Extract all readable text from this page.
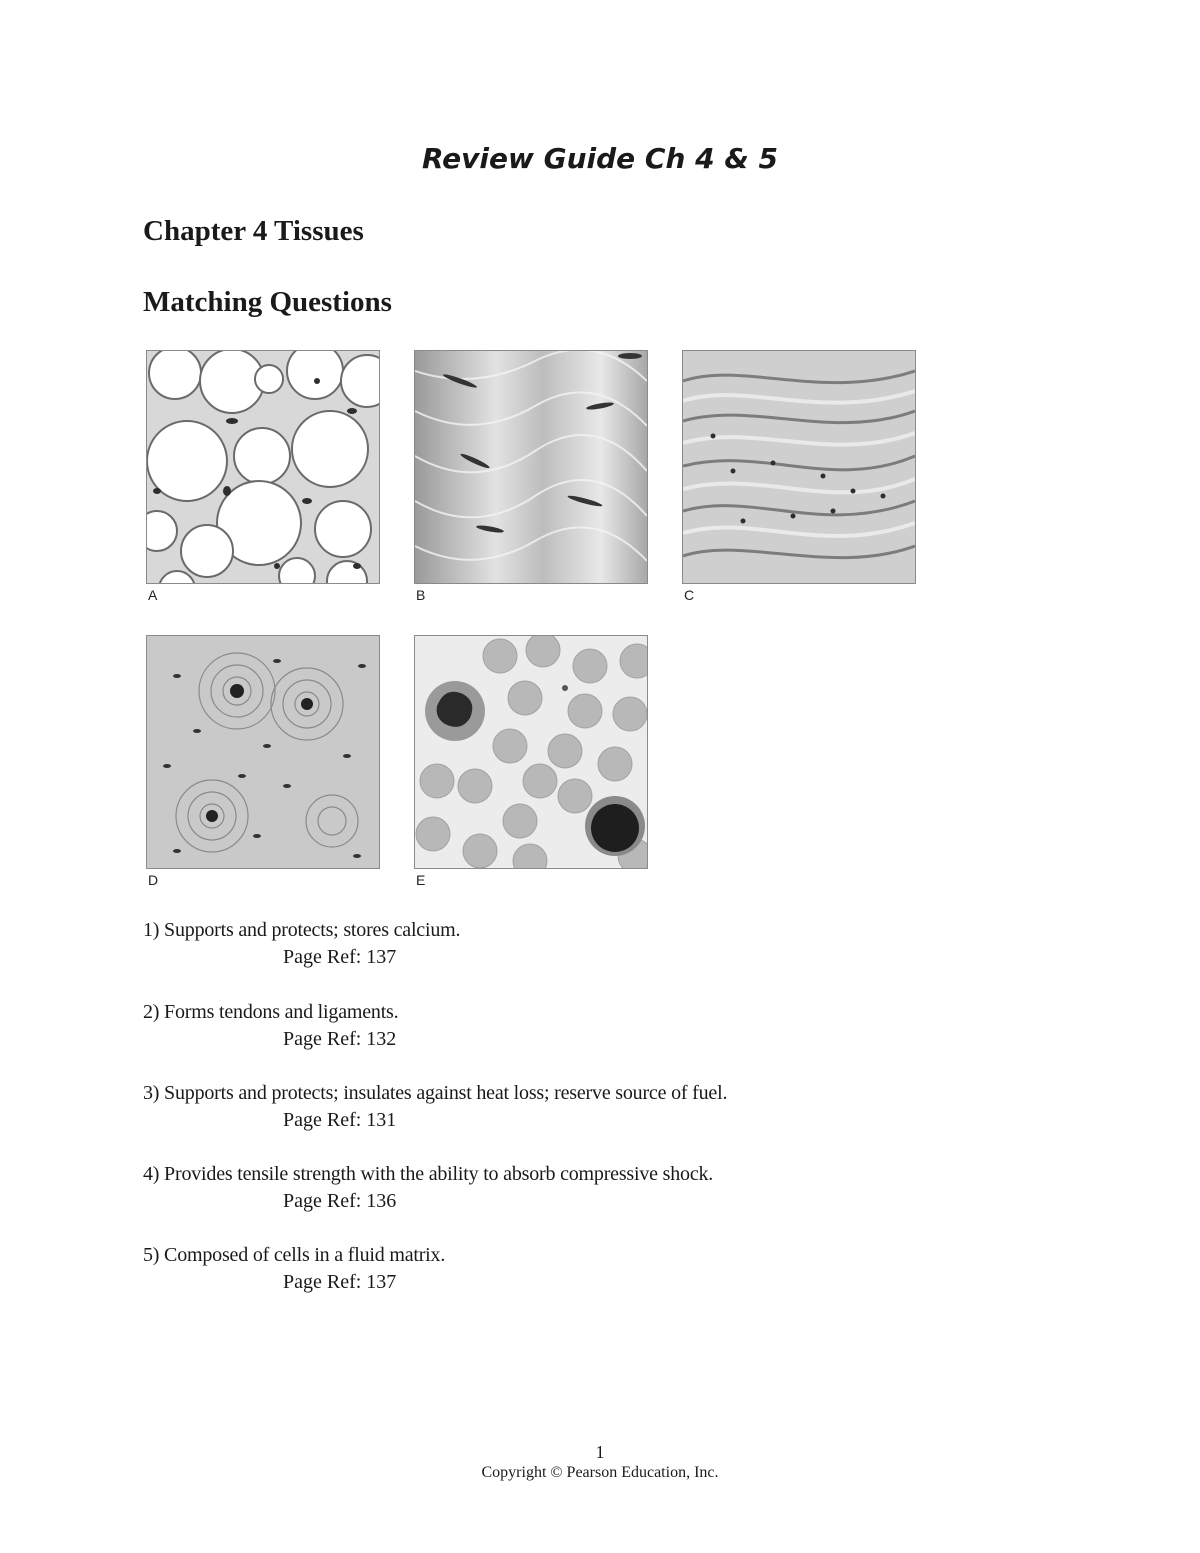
Review Guide Ch 4 & 5
Chapter 4 Tissues
Matching Questions
A	B	C
D	E
1) Supports and protects; stores calcium.
Page Ref: 137
2) Forms tendons and ligaments.
Page Ref: 132
3) Supports and protects; insulates against heat loss; reserve source of fuel.
Page Ref: 131
4) Provides tensile strength with the ability to absorb compressive shock.
Page Ref: 136
5) Composed of cells in a fluid matrix.
Page Ref: 137
1
Copyright © Pearson Education, Inc.
